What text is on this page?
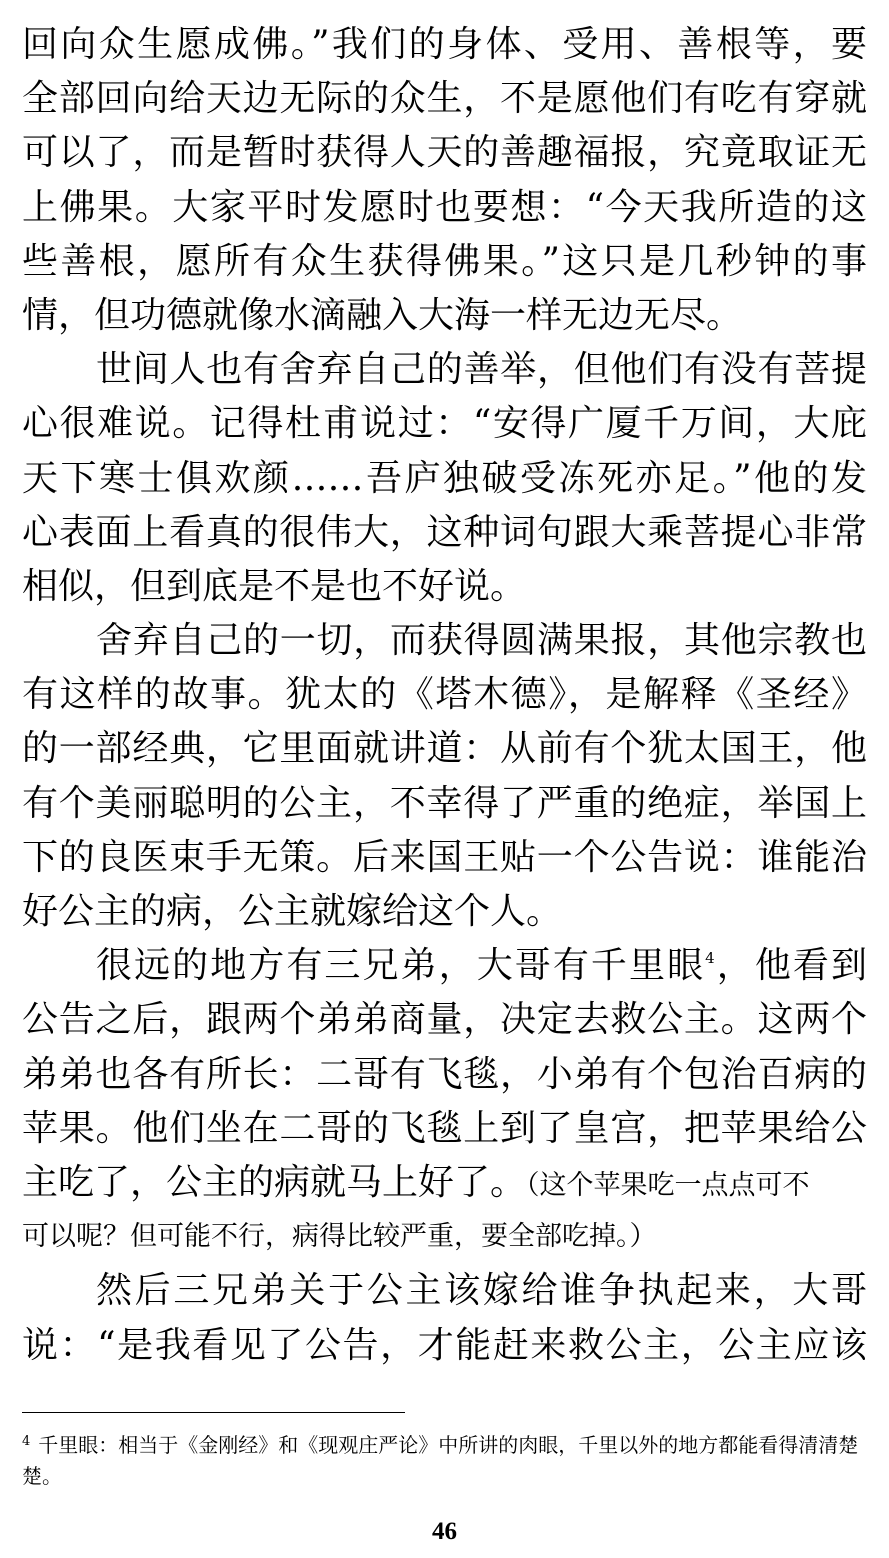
回向众生愿成佛。”我们的身体、受用、善根等，要
全部回向给天边无际的众生，不是愿他们有吃有穿就
可以了，而是暂时获得人天的善趣福报，究竟取证无
上佛果。大家平时发愿时也要想：“今天我所造的这
些善根，愿所有众生获得佛果。”这只是几秒钟的事
情，但功德就像水滴融入大海一样无边无尽。
世间人也有舍弃自己的善举，但他们有没有菩提
心很难说。记得杜甫说过：“安得广厦千万间，大庇
天下寒士俱欢颜……吾庐独破受冻死亦足。”他的发
心表面上看真的很伟大，这种词句跟大乘菩提心非常
相似，但到底是不是也不好说。
舍弃自己的一切，而获得圆满果报，其他宗教也
有这样的故事。犹太的《塔木德》，是解释《圣经》
的一部经典，它里面就讲道：从前有个犹太国王，他
有个美丽聪明的公主，不幸得了严重的绝症，举国上
下的良医束手无策。后来国王贴一个公告说：谁能治
好公主的病，公主就嫁给这个人。
很远的地方有三兄弟，大哥有千里眼$^4$，他看到
公告之后，跟两个弟弟商量，决定去救公主。这两个
弟弟也各有所长：二哥有飞毯，小弟有个包治百病的
苹果。他们坐在二哥的飞毯上到了皇宫，把苹果给公
主吃了，公主的病就马上好了。（这个苹果吃一点点可不
可以呢？但可能不行，病得比较严重，要全部吃掉。）
然后三兄弟关于公主该嫁给谁争执起来，大哥
说：“是我看见了公告，才能赶来救公主，公主应该
$^4$ 千里眼：相当于《金刚经》和《现观庄严论》中所讲的肉眼，千里以外的地方都能看得清清楚楚。
46
